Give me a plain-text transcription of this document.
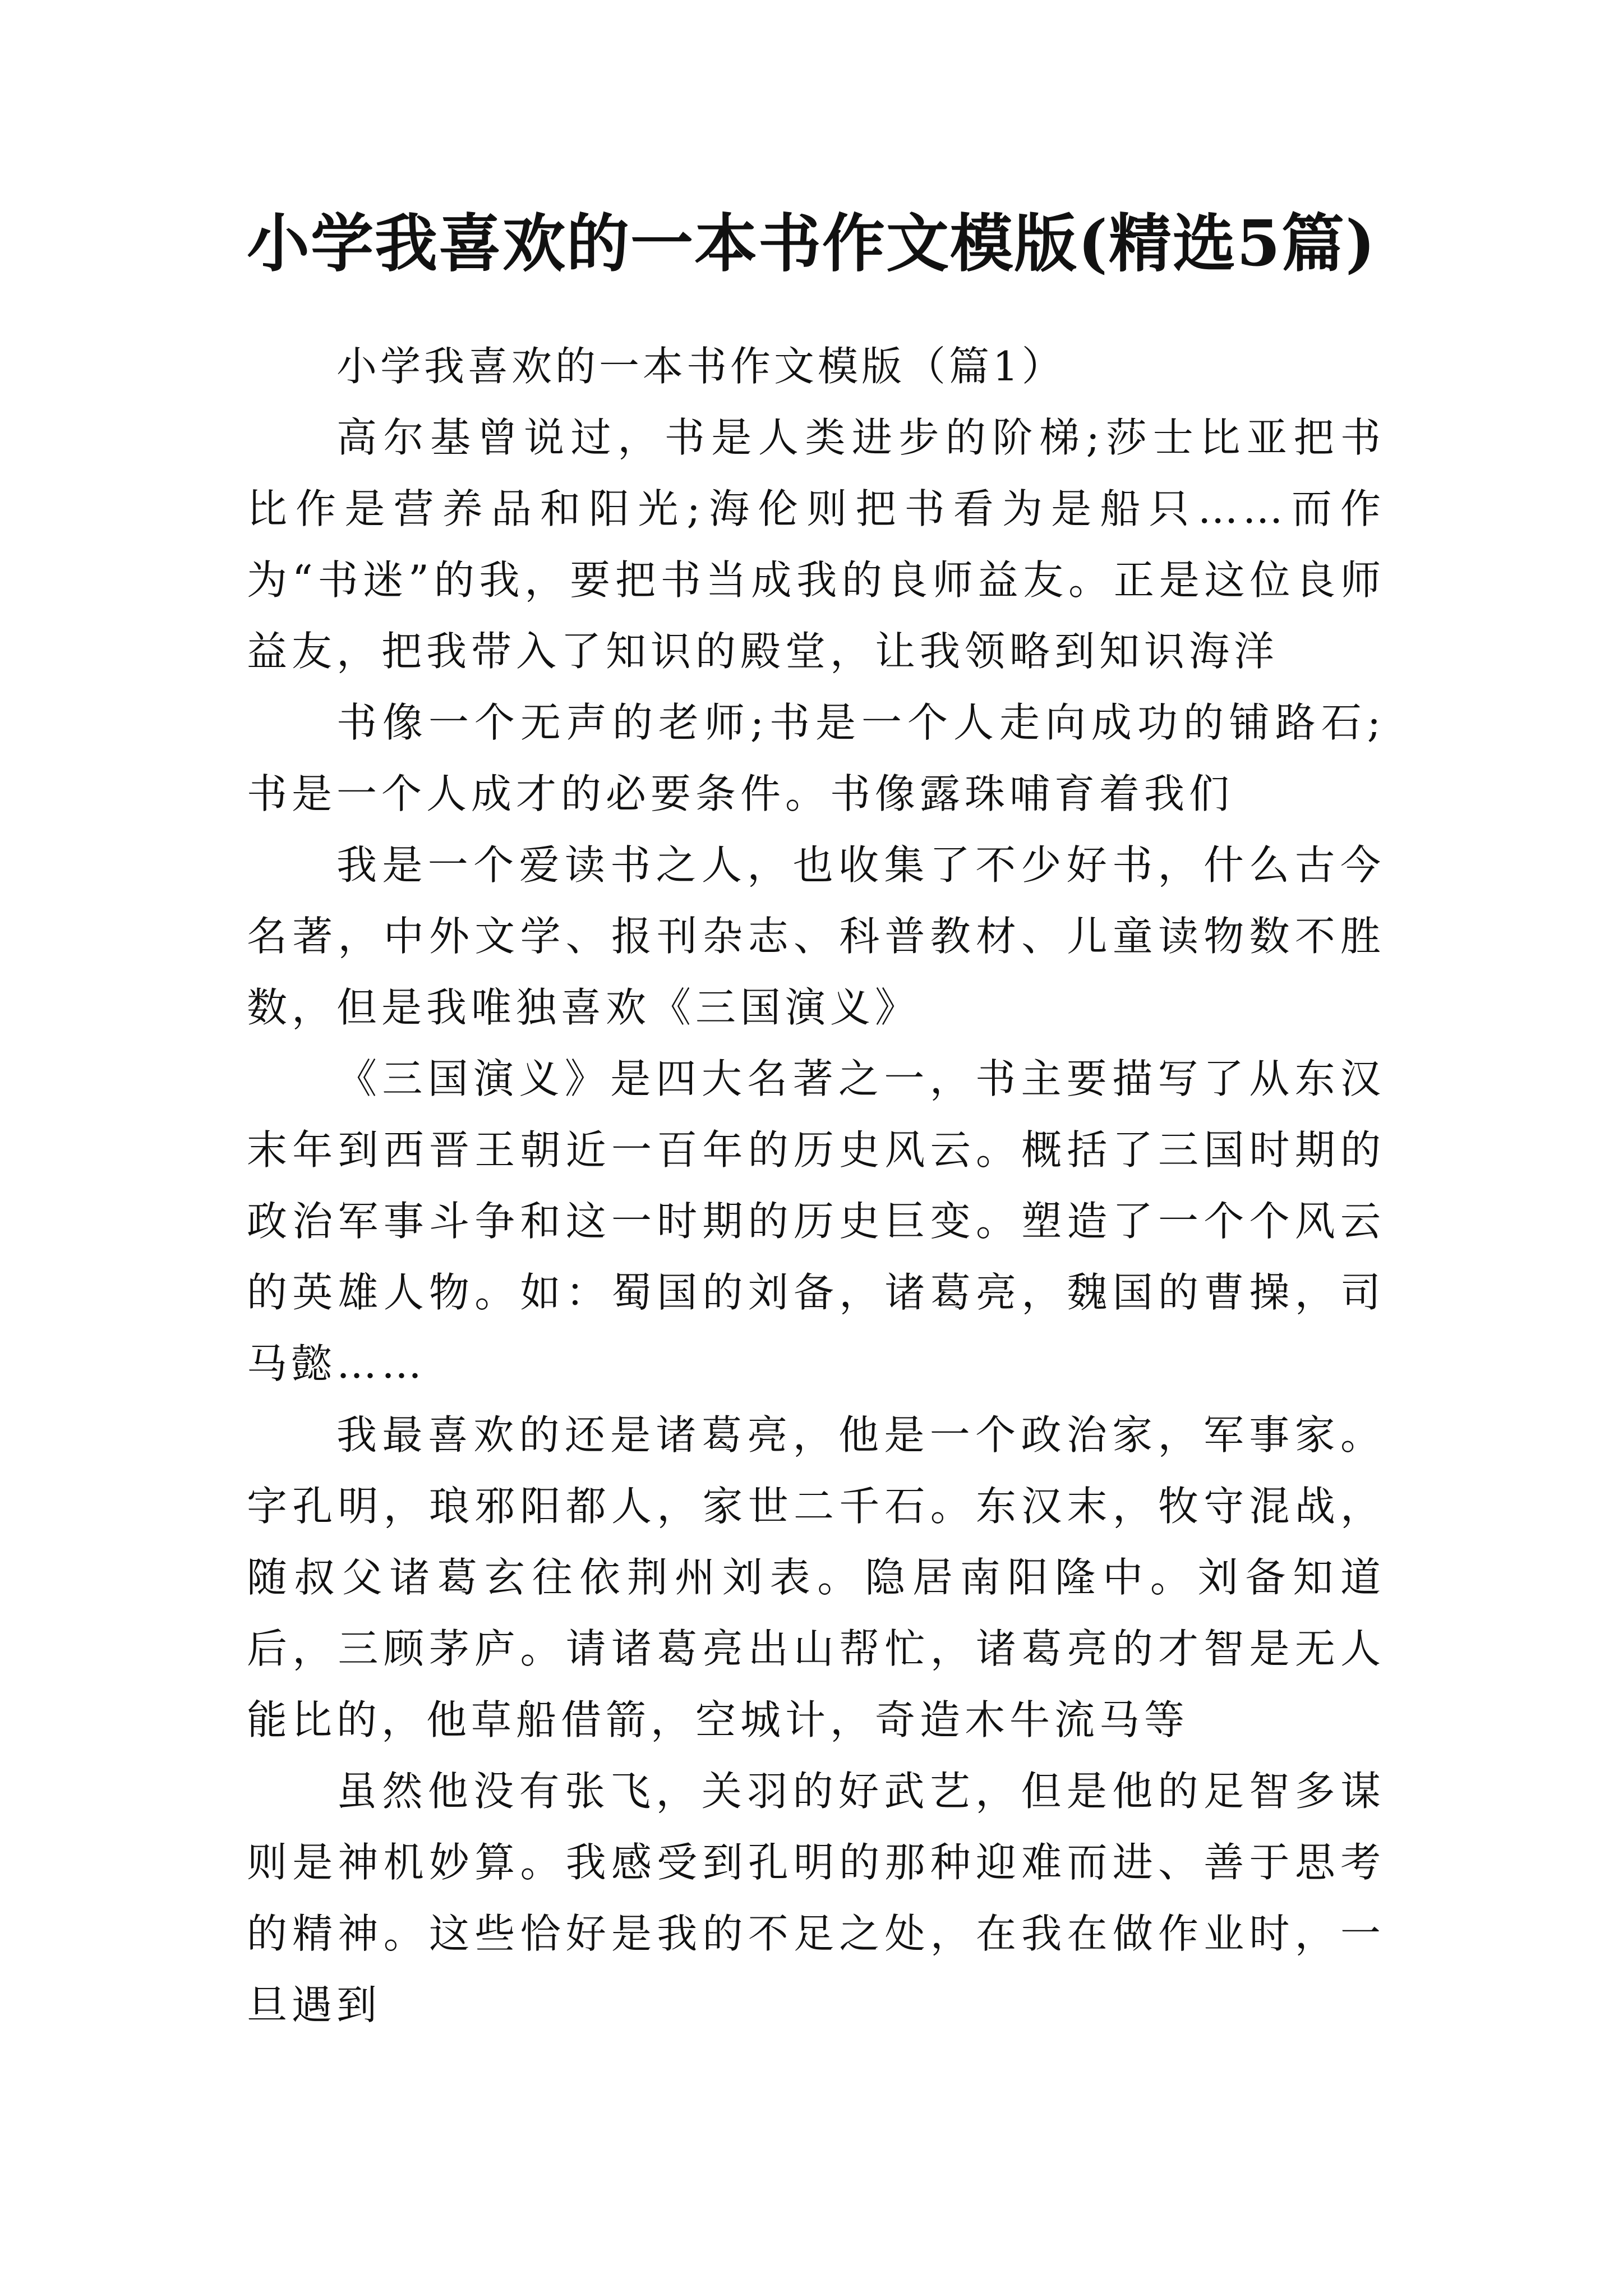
小学我喜欢的一本书作文模版(精选5篇)

小学我喜欢的一本书作文模版（篇1）

高尔基曾说过，书是人类进步的阶梯;莎士比亚把书比作是营养品和阳光;海伦则把书看为是船只……而作为“书迷”的我，要把书当成我的良师益友。正是这位良师益友，把我带入了知识的殿堂，让我领略到知识海洋

书像一个无声的老师;书是一个人走向成功的铺路石;书是一个人成才的必要条件。书像露珠哺育着我们

我是一个爱读书之人，也收集了不少好书，什么古今名著，中外文学、报刊杂志、科普教材、儿童读物数不胜数，但是我唯独喜欢《三国演义》

《三国演义》是四大名著之一，书主要描写了从东汉末年到西晋王朝近一百年的历史风云。概括了三国时期的政治军事斗争和这一时期的历史巨变。塑造了一个个风云的英雄人物。如：蜀国的刘备，诸葛亮，魏国的曹操，司马懿……

我最喜欢的还是诸葛亮，他是一个政治家，军事家。字孔明，琅邪阳都人，家世二千石。东汉末，牧守混战，随叔父诸葛玄往依荆州刘表。隐居南阳隆中。刘备知道后，三顾茅庐。请诸葛亮出山帮忙，诸葛亮的才智是无人能比的，他草船借箭，空城计，奇造木牛流马等

虽然他没有张飞，关羽的好武艺，但是他的足智多谋则是神机妙算。我感受到孔明的那种迎难而进、善于思考的精神。这些恰好是我的不足之处，在我在做作业时，一旦遇到
